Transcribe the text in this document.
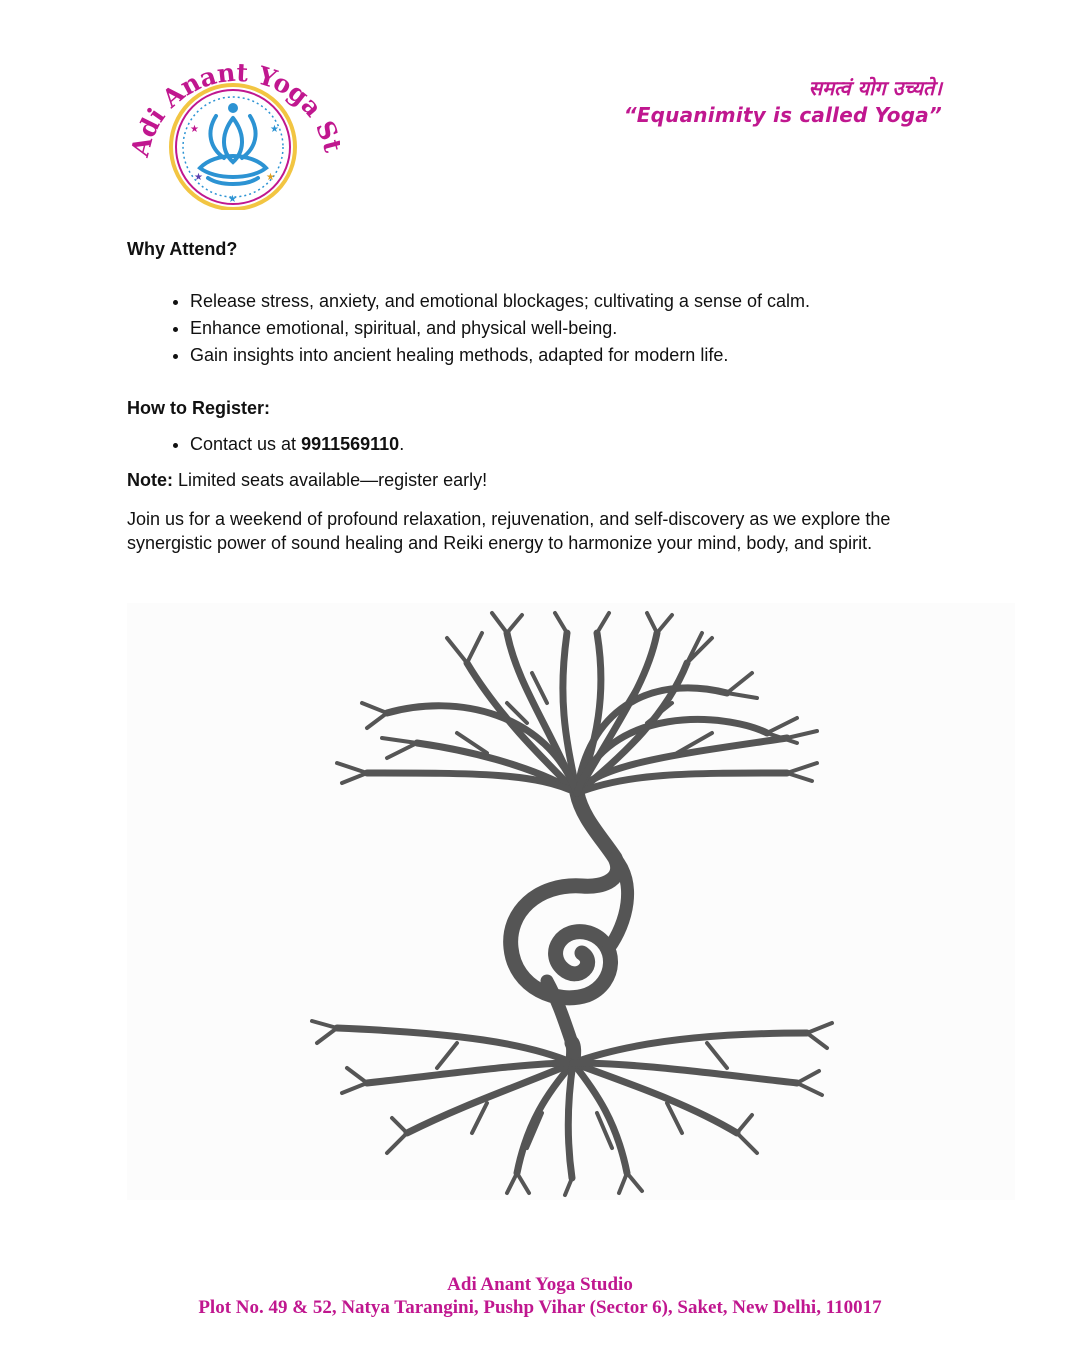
Adi Anant Yoga
★	★
★	★
★
समत्वं योग उच्यते।
“Equanimity is called Yoga”
Why Attend?
• Release stress, anxiety, and emotional blockages; cultivating a sense of calm.
• Enhance emotional, spiritual, and physical well-being.
• Gain insights into ancient healing methods, adapted for modern life.
How to Register:
• Contact us at 9911569110.
Note: Limited seats available—register early!
Join us for a weekend of profound relaxation, rejuvenation, and self-discovery as we explore the synergistic power of sound healing and Reiki energy to harmonize your mind, body, and spirit.
Adi Anant Yoga Studio
Plot No. 49 & 52, Natya Tarangini, Pushp Vihar (Sector 6), Saket, New Delhi, 110017
